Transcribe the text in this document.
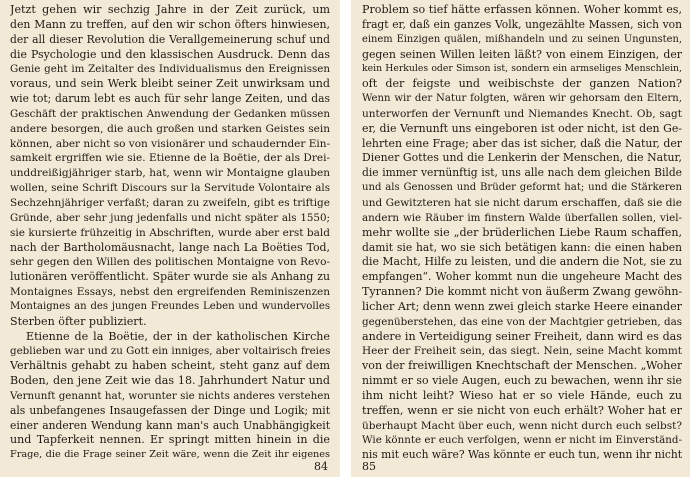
Jetzt gehen wir sechzig Jahre in der Zeit zurück, um
den Mann zu treffen, auf den wir schon öfters hinwiesen,
der all dieser Revolution die Verallgemeinerung schuf und
die Psychologie und den klassischen Ausdruck. Denn das
Genie geht im Zeitalter des Individualismus den Ereignissen
voraus, und sein Werk bleibt seiner Zeit unwirksam und
wie tot; darum lebt es auch für sehr lange Zeiten, und das
Geschäft der praktischen Anwendung der Gedanken müssen
andere besorgen, die auch großen und starken Geistes sein
können, aber nicht so von visionärer und schaudernder Ein-
samkeit ergriffen wie sie. Etienne de la Boëtie, der als Drei-
unddreißigjähriger starb, hat, wenn wir Montaigne glauben
wollen, seine Schrift Discours sur la Servitude Volontaire als
Sechzehnjähriger verfaßt; daran zu zweifeln, gibt es triftige
Gründe, aber sehr jung jedenfalls und nicht später als 1550;
sie kursierte frühzeitig in Abschriften, wurde aber erst bald
nach der Bartholomäusnacht, lange nach La Boëties Tod,
sehr gegen den Willen des politischen Montaigne von Revo-
lutionären veröffentlicht. Später wurde sie als Anhang zu
Montaignes Essays, nebst den ergreifenden Reminiszenzen
Montaignes an des jungen Freundes Leben und wundervolles
Sterben öfter publiziert.
Etienne de la Boëtie, der in der katholischen Kirche
geblieben war und zu Gott ein inniges, aber voltairisch freies
Verhältnis gehabt zu haben scheint, steht ganz auf dem
Boden, den jene Zeit wie das 18. Jahrhundert Natur und
Vernunft genannt hat, worunter sie nichts anderes verstehen
als unbefangenes Insaugefassen der Dinge und Logik; mit
einer anderen Wendung kann man's auch Unabhängigkeit
und Tapferkeit nennen. Er springt mitten hinein in die
Frage, die die Frage seiner Zeit wäre, wenn die Zeit ihr eigenes
84
Problem so tief hätte erfassen können. Woher kommt es,
fragt er, daß ein ganzes Volk, ungezählte Massen, sich von
einem Einzigen quälen, mißhandeln und zu seinen Ungunsten,
gegen seinen Willen leiten läßt? von einem Einzigen, der
kein Herkules oder Simson ist, sondern ein armseliges Menschlein,
oft der feigste und weibischste der ganzen Nation?
Wenn wir der Natur folgten, wären wir gehorsam den Eltern,
unterworfen der Vernunft und Niemandes Knecht. Ob, sagt
er, die Vernunft uns eingeboren ist oder nicht, ist den Ge-
lehrten eine Frage; aber das ist sicher, daß die Natur, der
Diener Gottes und die Lenkerin der Menschen, die Natur,
die immer vernünftig ist, uns alle nach dem gleichen Bilde
und als Genossen und Brüder geformt hat; und die Stärkeren
und Gewitzteren hat sie nicht darum erschaffen, daß sie die
andern wie Räuber im finstern Walde überfallen sollen, viel-
mehr wollte sie „der brüderlichen Liebe Raum schaffen,
damit sie hat, wo sie sich betätigen kann: die einen haben
die Macht, Hilfe zu leisten, und die andern die Not, sie zu
empfangen“. Woher kommt nun die ungeheure Macht des
Tyrannen? Die kommt nicht von äußerm Zwang gewöhn-
licher Art; denn wenn zwei gleich starke Heere einander
gegenüberstehen, das eine von der Machtgier getrieben, das
andere in Verteidigung seiner Freiheit, dann wird es das
Heer der Freiheit sein, das siegt. Nein, seine Macht kommt
von der freiwilligen Knechtschaft der Menschen. „Woher
nimmt er so viele Augen, euch zu bewachen, wenn ihr sie
ihm nicht leiht? Wieso hat er so viele Hände, euch zu
treffen, wenn er sie nicht von euch erhält? Woher hat er
überhaupt Macht über euch, wenn nicht durch euch selbst?
Wie könnte er euch verfolgen, wenn er nicht im Einverständ-
nis mit euch wäre? Was könnte er euch tun, wenn ihr nicht
85
